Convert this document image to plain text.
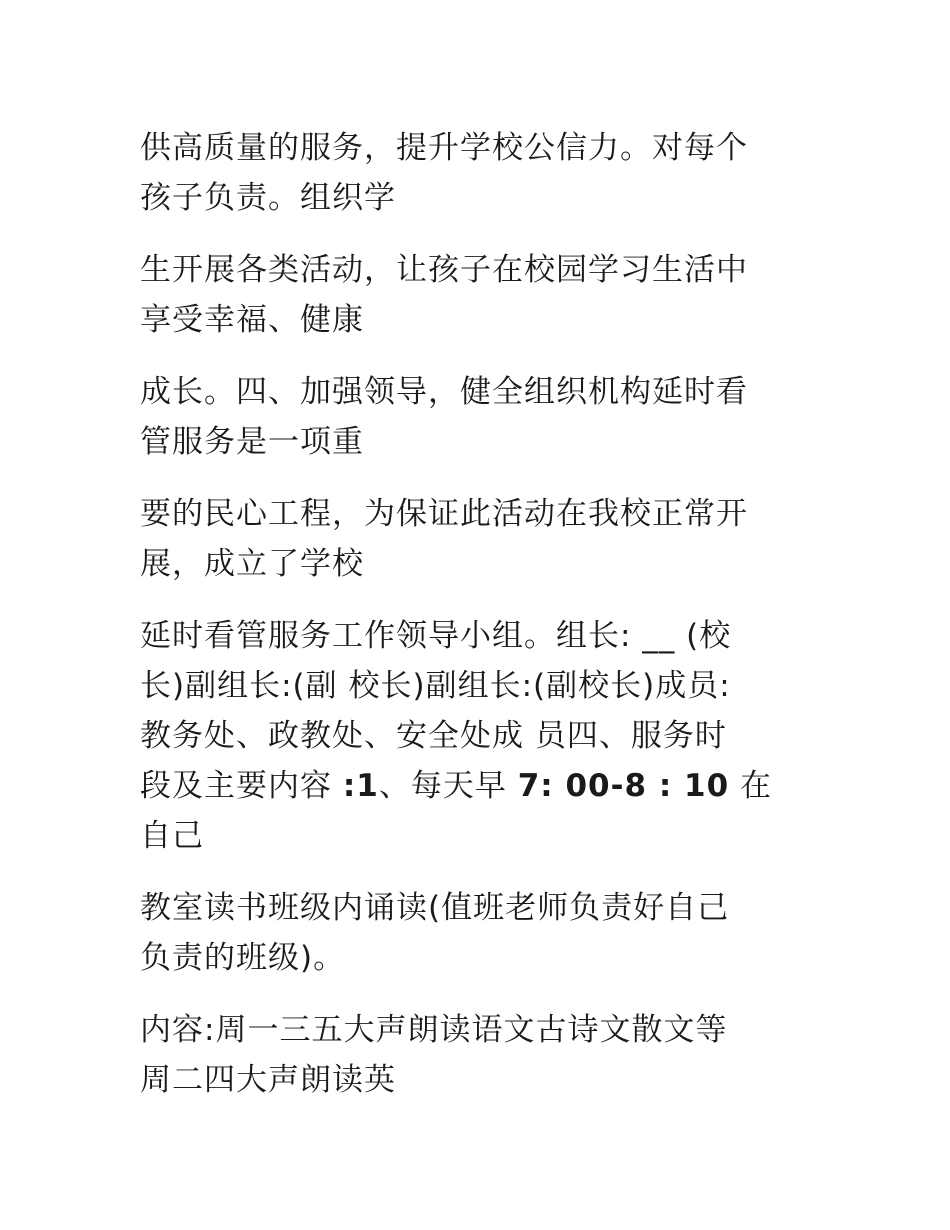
供高质量的服务，提升学校公信力。对每个
孩子负责。组织学

生开展各类活动，让孩子在校园学习生活中
享受幸福、健康

成长。四、加强领导，健全组织机构延时看
管服务是一项重

要的民心工程，为保证此活动在我校正常开
展，成立了学校

延时看管服务工作领导小组。组长: __ (校
长)副组长:(副 校长)副组长:(副校长)成员:
教务处、政教处、安全处成 员四、服务时
段及主要内容 :1、每天早 7: 00-8 : 10 在
自己

教室读书班级内诵读(值班老师负责好自己
负责的班级)。

内容:周一三五大声朗读语文古诗文散文等
周二四大声朗读英
